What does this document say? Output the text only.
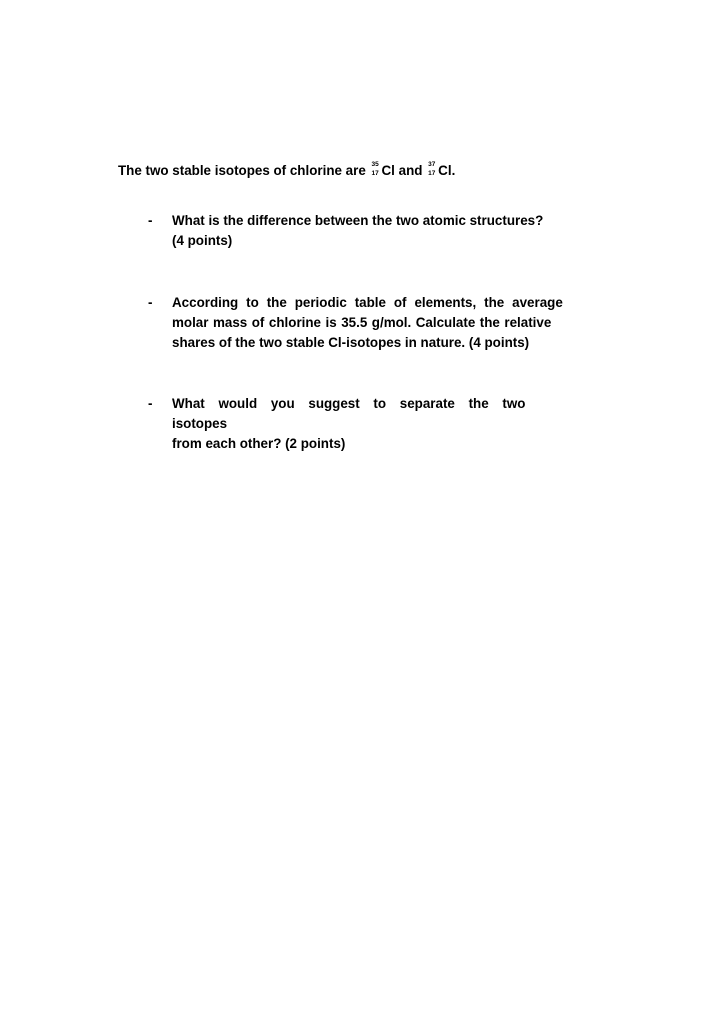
The two stable isotopes of chlorine are 35
17 Cl and 37
17 Cl.
- What is the difference between the two atomic structures?
(4 points)
- According to the periodic table of elements, the average
molar mass of chlorine is 35.5 g/mol. Calculate the relative
shares of the two stable Cl-isotopes in nature. (4 points)
- What would you suggest to separate the two isotopes
from each other? (2 points)
